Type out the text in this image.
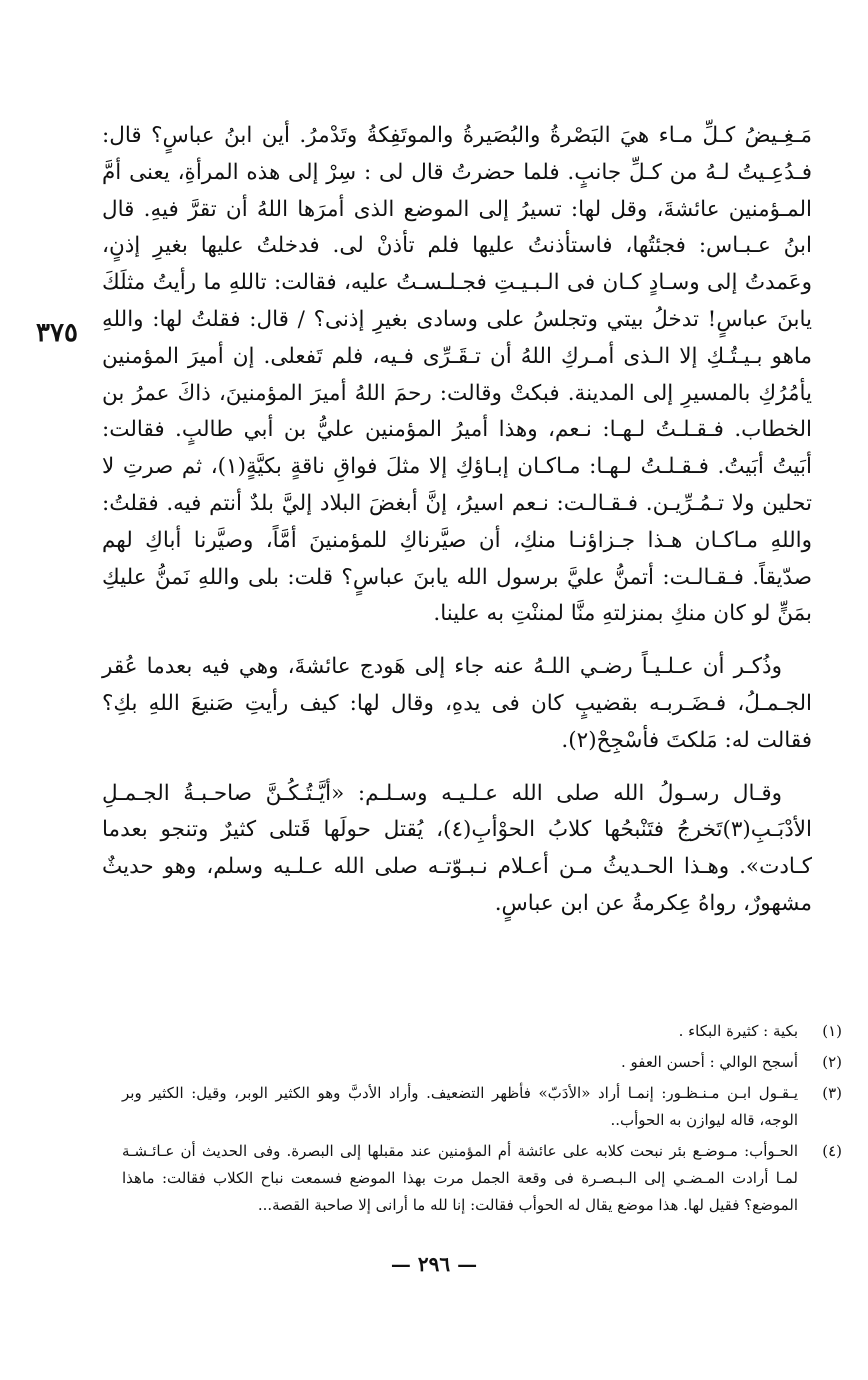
٣٧٥

مَـغِـيضُ كـلِّ مـاء هيَ البَصْرةُ والبُصَيرةُ والموتَفِكةُ وتَدْمرُ. أين ابنُ عباسٍ؟ قال: فـدُعِـيتُ لـهُ من كـلِّ جانبٍ. فلما حضرتُ قال لى : سِرْ إلى هذه المرأةِ، يعنى أمَّ المـؤمنين عائشةَ، وقل لها: تسيرُ إلى الموضع الذى أمرَها اللهُ أن تقرَّ فيهِ. قال ابنُ عـبـاس: فجئتُها، فاستأذنتُ عليها فلم تأذنْ لى. فدخلتُ عليها بغيرِ إذنٍ، وعَمدتُ إلى وسـادٍ كـان فى الـبـيـتِ فجـلـسـتُ عليه، فقالت: تاللهِ ما رأيتُ مثلَكَ يابنَ عباسٍ! تدخلُ بيتي وتجلسُ على وسادى بغيرِ إذنى؟ / قال: فقلتُ لها: واللهِ ماهو بـيـتُـكِ إلا الـذى أمـركِ اللهُ أن تـقَـرِّى فـيه، فلم تَفعلى. إن أميرَ المؤمنين يأمُرُكِ بالمسيرِ إلى المدينة. فبكتْ وقالت: رحمَ اللهُ أميرَ المؤمنينَ، ذاكَ عمرُ بن الخطاب. فـقـلـتُ لـهـا: نـعم، وهذا أميرُ المؤمنين عليُّ بن أبي طالبٍ. فقالت: أبَيتُ أبَيتُ. فـقـلـتُ لـهـا: مـاكـان إبـاؤكِ إلا مثلَ فواقِ ناقةٍ بكيَّةٍ(١)، ثم صرتِ لا تحلين ولا تـمُـرِّيـن. فـقـالـت: نـعم اسيرُ، إنَّ أبغضَ البلاد إليَّ بلدٌ أنتم فيه. فقلتُ: واللهِ مـاكـان هـذا جـزاؤنـا منكِ، أن صيَّرناكِ للمؤمنينَ أمَّاً، وصيَّرنا أباكِ لهم صدّيقاً. فـقـالـت: أتمنُّ عليَّ برسول الله يابنَ عباسٍ؟ قلت: بلى واللهِ نَمنُّ عليكِ بمَنٍّ لو كان منكِ بمنزلتهِ منَّا لمننْتِ به علينا.

وذُكـر أن عـلـيـاً رضـي اللـهُ عنه جاء إلى هَودج عائشةَ، وهي فيه بعدما عُقر الجـمـلُ، فـضَـربـه بقضيبٍ كان فى يدهِ، وقال لها: كيف رأيتِ صَنيعَ اللهِ بكِ؟ فقالت له: مَلكتَ فأسْجِحْ(٢).

وقـال رسـولُ الله صلى الله عـلـيـه وسـلـم: «أيَّـتُـكُـنَّ صاحـبـةُ الجـمـلِ الأدْبَـبِ(٣)تَخرجُ فتَنْبحُها كلابُ الحوْأبِ(٤)، يُقتل حولَها قَتلى كثيرٌ وتنجو بعدما كـادت». وهـذا الحـديثُ مـن أعـلام نـبـوّتـه صلى الله عـلـيه وسلم، وهو حديثٌ مشهورٌ، رواهُ عِكرمةُ عن ابن عباسٍ.

(١)
بكية : كثيرة البكاء .
(٢)
أسجح الوالي : أحسن العفو .
(٣)
يـقـول ابـن مـنـظـور: إنمـا أراد «الأدَبّ» فأظهر التضعيف. وأراد الأدبَّ وهو الكثير الوبر، وقيل: الكثير وبر الوجه، قاله ليوازن به الحوأب..
(٤)
الحـوأب: مـوضـع بئر نبحت كلابه على عائشة أم المؤمنين عند مقبلها إلى البصرة. وفى الحديث أن عـائـشـة لمـا أرادت المـضـي إلى الـبـصـرة فى وقعة الجمل مرت بهذا الموضع فسمعت نباح الكلاب فقالت: ماهذا الموضع؟ فقيل لها. هذا موضع يقال له الحوأب فقالت: إنا لله ما أرانى إلا صاحبة القصة...
— ٢٩٦ —
